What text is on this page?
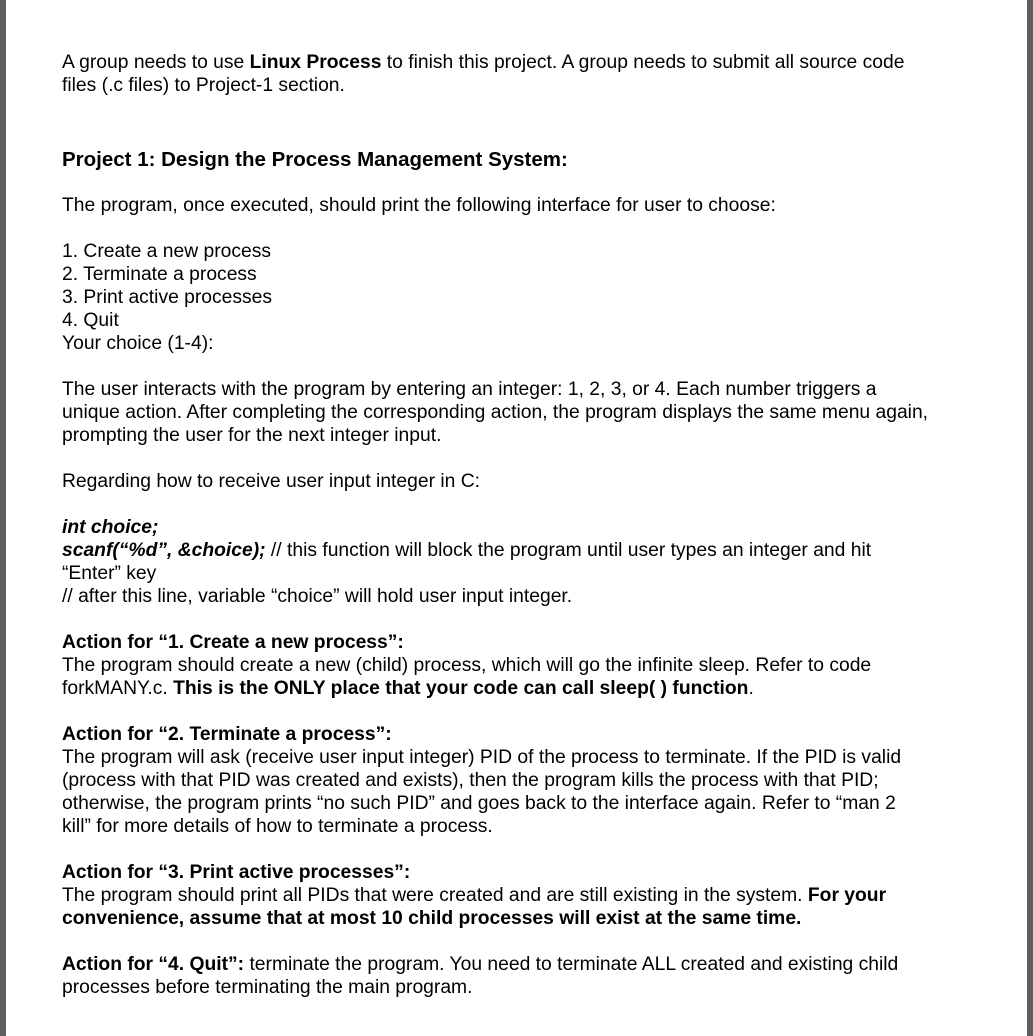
A group needs to use Linux Process to finish this project. A group needs to submit all source code

files (.c files) to Project-1 section.

Project 1: Design the Process Management System:

The program, once executed, should print the following interface for user to choose:

1. Create a new process

2. Terminate a process

3. Print active processes

4. Quit

Your choice (1-4):

The user interacts with the program by entering an integer: 1, 2, 3, or 4. Each number triggers a

unique action. After completing the corresponding action, the program displays the same menu again,

prompting the user for the next integer input.

Regarding how to receive user input integer in C:

int choice;

scanf(“%d”, &choice); // this function will block the program until user types an integer and hit

“Enter” key

// after this line, variable “choice” will hold user input integer.

Action for “1. Create a new process”:

The program should create a new (child) process, which will go the infinite sleep. Refer to code

forkMANY.c. This is the ONLY place that your code can call sleep( ) function.

Action for “2. Terminate a process”:

The program will ask (receive user input integer) PID of the process to terminate. If the PID is valid

(process with that PID was created and exists), then the program kills the process with that PID;

otherwise, the program prints “no such PID” and goes back to the interface again. Refer to “man 2

kill” for more details of how to terminate a process.

Action for “3. Print active processes”:

The program should print all PIDs that were created and are still existing in the system. For your

convenience, assume that at most 10 child processes will exist at the same time.

Action for “4. Quit”: terminate the program. You need to terminate ALL created and existing child

processes before terminating the main program.
